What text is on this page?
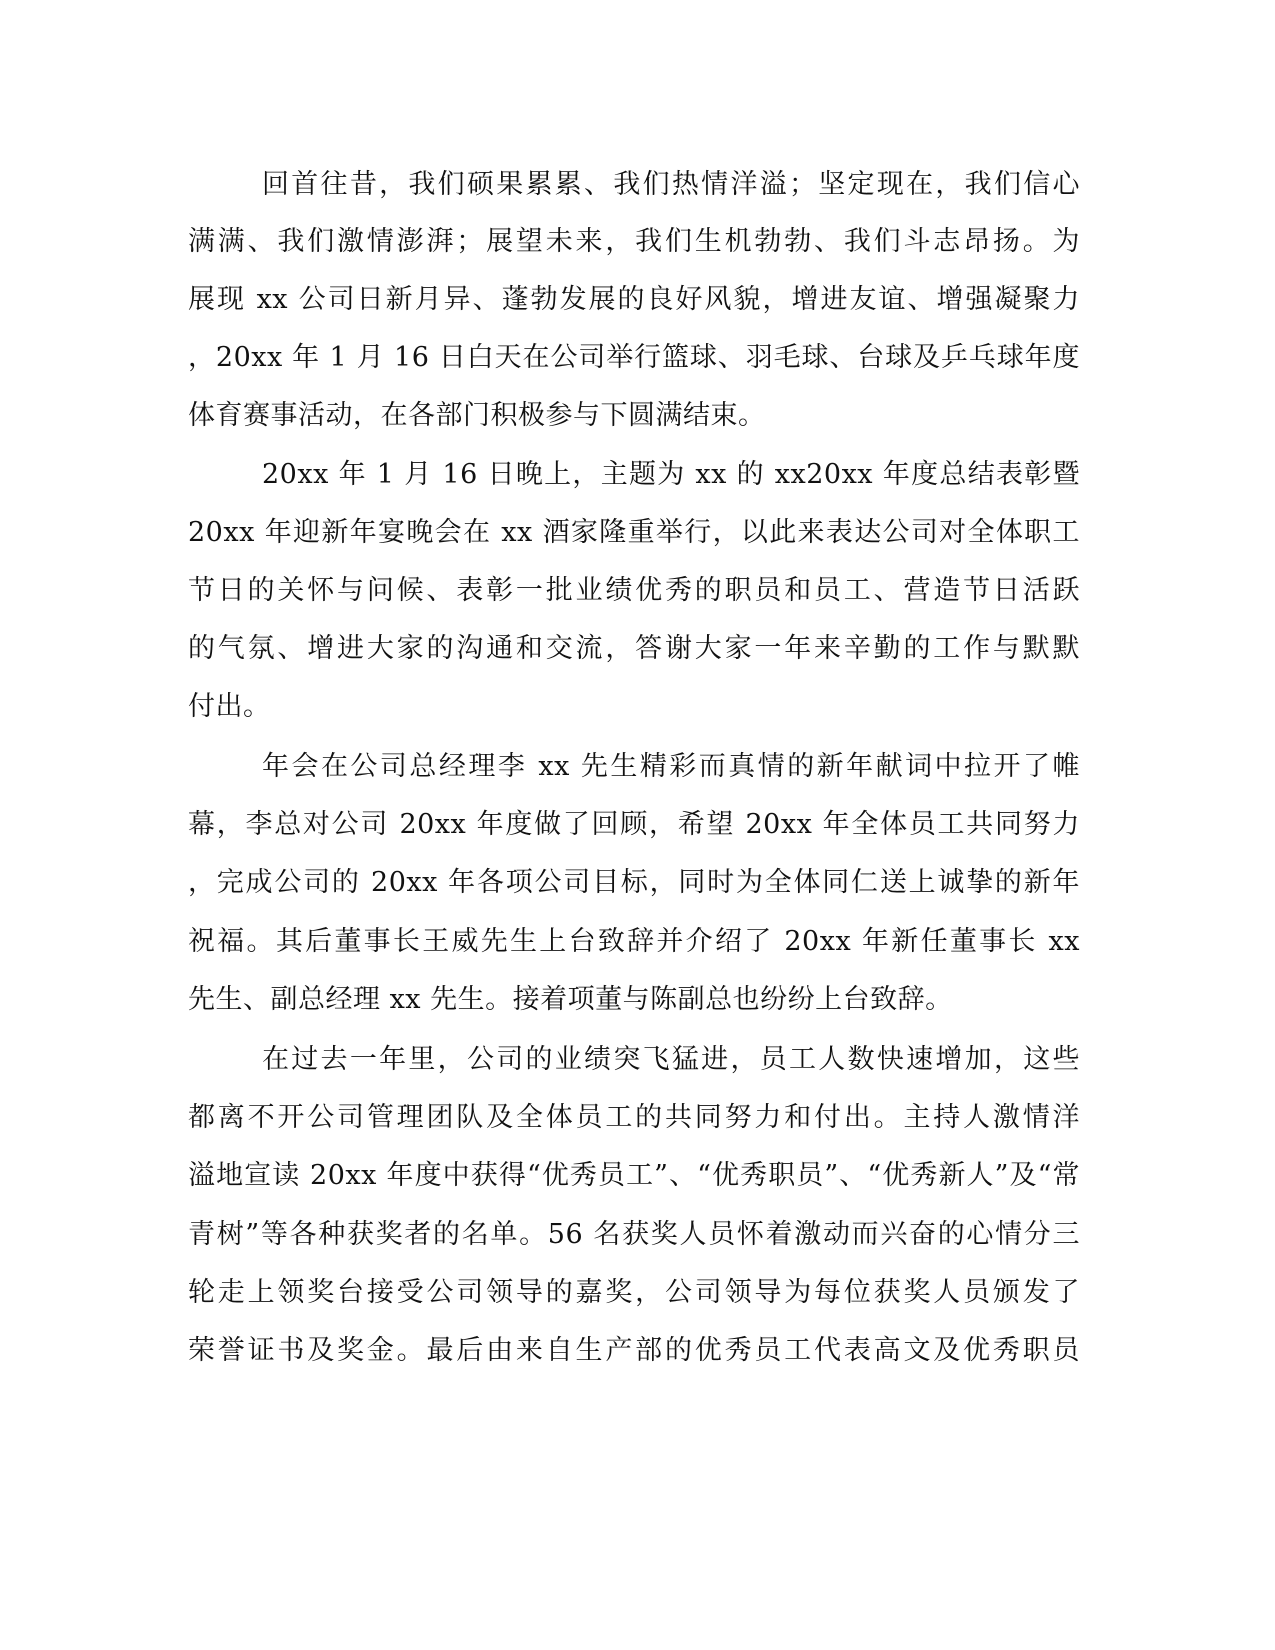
回首往昔，我们硕果累累、我们热情洋溢；坚定现在，我们信心
满满、我们激情澎湃；展望未来，我们生机勃勃、我们斗志昂扬。为
展现 xx 公司日新月异、蓬勃发展的良好风貌，增进友谊、增强凝聚力
，20xx 年 1 月 16 日白天在公司举行篮球、羽毛球、台球及乒乓球年度
体育赛事活动，在各部门积极参与下圆满结束。
20xx 年 1 月 16 日晚上，主题为 xx 的 xx20xx 年度总结表彰暨
20xx 年迎新年宴晚会在 xx 酒家隆重举行，以此来表达公司对全体职工
节日的关怀与问候、表彰一批业绩优秀的职员和员工、营造节日活跃
的气氛、增进大家的沟通和交流，答谢大家一年来辛勤的工作与默默
付出。
年会在公司总经理李 xx 先生精彩而真情的新年献词中拉开了帷
幕，李总对公司 20xx 年度做了回顾，希望 20xx 年全体员工共同努力
，完成公司的 20xx 年各项公司目标，同时为全体同仁送上诚挚的新年
祝福。其后董事长王威先生上台致辞并介绍了 20xx 年新任董事长 xx
先生、副总经理 xx 先生。接着项董与陈副总也纷纷上台致辞。
在过去一年里，公司的业绩突飞猛进，员工人数快速增加，这些
都离不开公司管理团队及全体员工的共同努力和付出。主持人激情洋
溢地宣读 20xx 年度中获得“优秀员工”、“优秀职员”、“优秀新人”及“常
青树”等各种获奖者的名单。56 名获奖人员怀着激动而兴奋的心情分三
轮走上领奖台接受公司领导的嘉奖，公司领导为每位获奖人员颁发了
荣誉证书及奖金。最后由来自生产部的优秀员工代表高文及优秀职员
